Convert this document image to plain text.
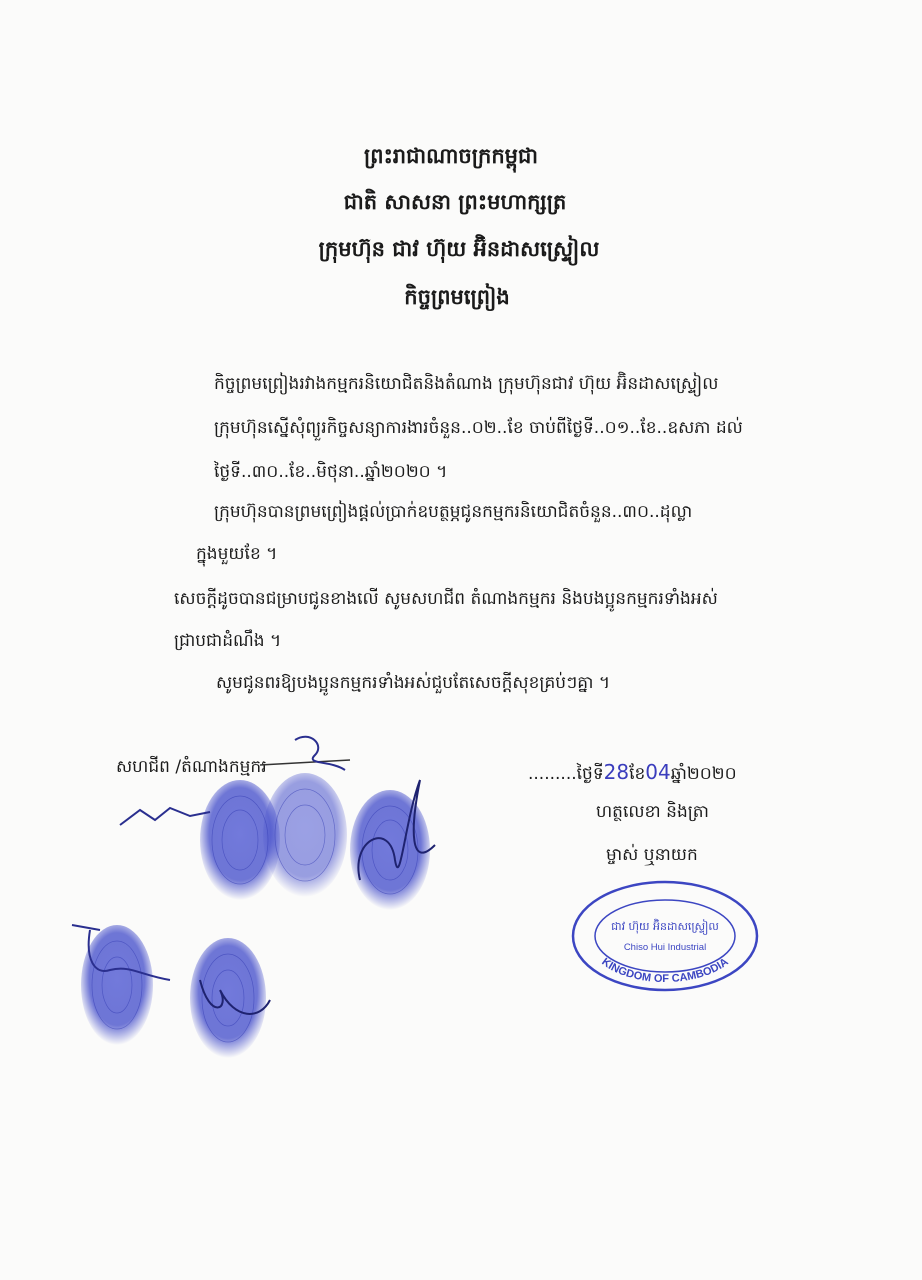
ព្រះរាជាណាចក្រកម្ពុជា
ជាតិ សាសនា ព្រះមហាក្សត្រ
ក្រុមហ៊ុន ជាវ ហ៊ុយ អ៊ិនដាសស្រ្ទៀល
កិច្ចព្រមព្រៀង
កិច្ចព្រមព្រៀងរវាងកម្មករនិយោជិតនិងតំណាង ក្រុមហ៊ុនជាវ ហ៊ុយ អ៊ិនដាសស្រ្ទៀល
ក្រុមហ៊ុនស្នើសុំព្យួរកិច្ចសន្យាការងារចំនួន..០២..ខែ ចាប់ពីថ្ងៃទី..០១..ខែ..ឧសភា ដល់
ថ្ងៃទី..៣០..ខែ..មិថុនា..ឆ្នាំ២០២០ ។
ក្រុមហ៊ុនបានព្រមព្រៀងផ្តល់ប្រាក់ឧបត្ថម្ភជូនកម្មករនិយោជិតចំនួន..៣០..ដុល្លា
ក្នុងមួយខែ ។
សេចក្តីដូចបានជម្រាបជូនខាងលើ សូមសហជីព តំណាងកម្មករ និងបងប្អូនកម្មករទាំងអស់
ជ្រាបជាដំណឹង ។
សូមជូនពរឱ្យបងប្អូនកម្មករទាំងអស់ជួបតែសេចក្តីសុខគ្រប់ៗគ្នា ។
សហជីព /តំណាងកម្មករ	.........ថ្ងៃទី28ខែ04ឆ្នាំ២០២០
ហត្ថលេខា និងត្រា
ម្ចាស់ ឬនាយក
KINGDOM OF CAMBODIA
ជាវ ហ៊ុយ អ៊ិនដាសស្រ្ទៀល
Chiso Hui Industrial
